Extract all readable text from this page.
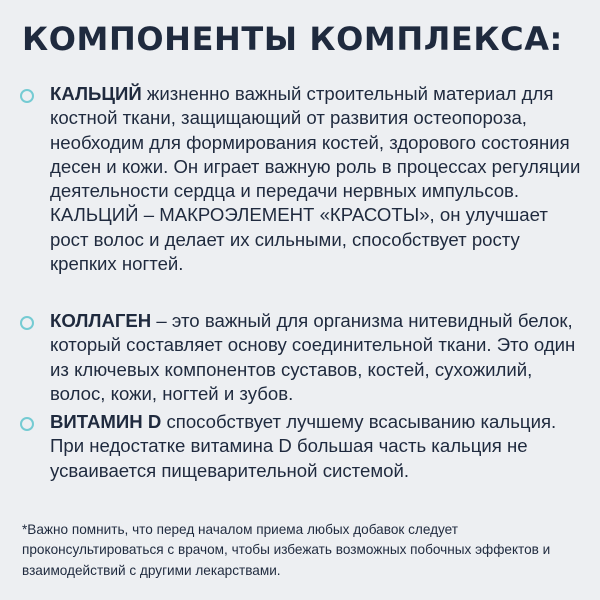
КОМПОНЕНТЫ КОМПЛЕКСА:

КАЛЬЦИЙ жизненно важный строительный материал для костной ткани, защищающий от развития остеопороза, необходим для формирования костей, здорового состояния десен и кожи. Он играет важную роль в процессах регуляции деятельности сердца и передачи нервных импульсов.

КАЛЬЦИЙ – МАКРОЭЛЕМЕНТ «КРАСОТЫ», он улучшает рост волос и делает их сильными, способствует росту крепких ногтей.

КОЛЛАГЕН – это важный для организма нитевидный белок, который составляет основу соединительной ткани. Это один из ключевых компонентов суставов, костей, сухожилий, волос, кожи, ногтей и зубов.

ВИТАМИН D способствует лучшему всасыванию кальция. При недостатке витамина D большая часть кальция не усваивается пищеварительной системой.

*Важно помнить, что перед началом приема любых добавок следует проконсультироваться с врачом, чтобы избежать возможных побочных эффектов и взаимодействий с другими лекарствами.
